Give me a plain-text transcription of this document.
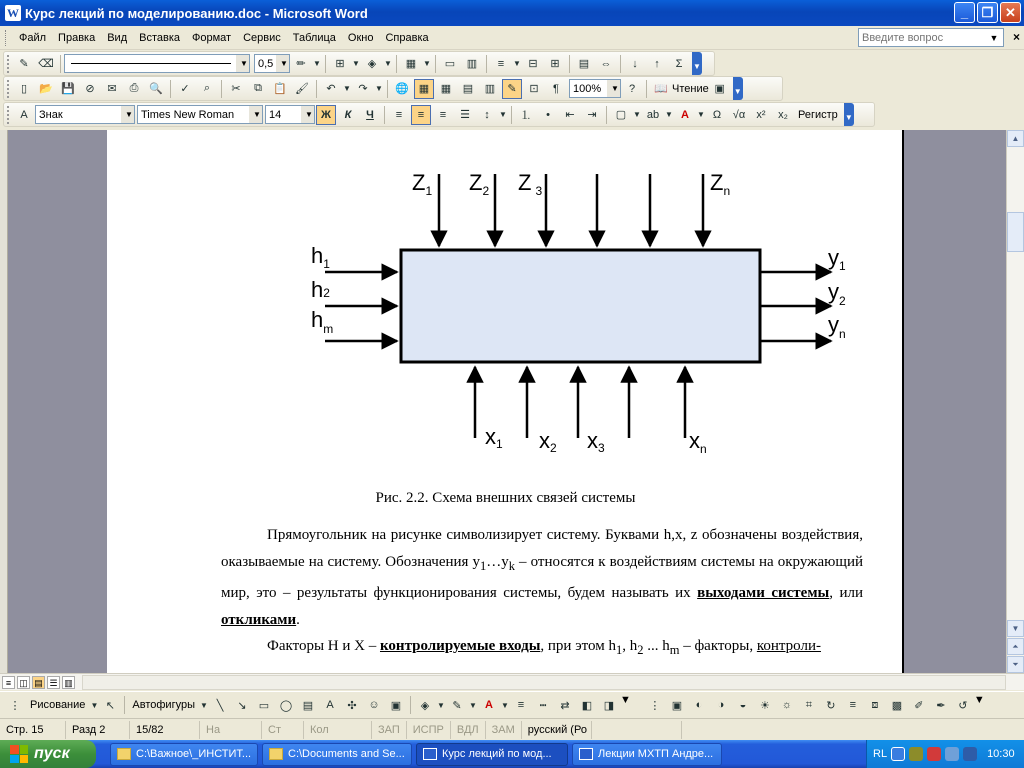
W Курс лекций по моделированию.doc - Microsoft Word	_	❐ ✕
Файл	Правка	Вид	Вставка	Формат	Сервис	Таблица	Окно	Справка
Введите вопрос	▼ ×
✎ ⌫	▼ 0,5 ▼ ✏ ▼	⊞ ▼ ◈ ▼	▦ ▼	▭	▥	≡	▼ ⊟	⊞	▤	⇔	↓	↑	Σ	▼
▯	📂 💾 ⊘	✉	⎙ 🔍	✓	⌕	✂	⧉	📋 🖌	↶ ▼ ↷ ▼ 🌐 ▦	▦	▤	▥	✎	⊡	¶	100%	▼ ?	📖 Чтение ▣	▼
A	Знак	▼ Times New Roman	▼ 14	▼ Ж	К	Ч	≡	≡	≡	☰	↕	▼	⒈	•	⇤	⇥	▢ ▼ ab ▼ A	▼ Ω	√α	x²	x₂ Регистр ▼
$Z_1$ $Z_2$ Z $_3$	$Z_n$
$h_1$
h2
$h_m$
$y_1$
$y_2$
$y_n$
x1 x2 x3	$x_n$
Рис. 2.2. Схема внешних связей системы
Прямоугольник на рисунке символизирует систему. Буквами h,x, z обозначены воздействия, оказываемые на систему. Обозначения $y_1\dots y_k$ – относятся к воздействиям системы на окружающий мир, это – результаты функционирования системы, будем называть их выходами системы, или откликами.
Факторы H и X – контролируемые входы, при этом $h_1$, $h_2$ ... $h_m$ – факторы, контроли-
▲
▼
⏶
⏷
≡ ◫ ▤ ☰ ▥
⋮ Рисование ▼ ↖	Автофигуры ▼ ╲	↘	▭ ◯ ▤	A	✣	☺	▣	◈ ▼ ✎ ▼ A	▼ ≡	┅	⇄	◧	◨ ▼	⋮	▣	◐	◑	◒	☀	☼	⌗	↻	≡	⧈	▩	✐	✒	↺ ▼
Стр. 15	Разд 2	15/82	На	Ст	Кол	ЗАП	ИСПР	ВДЛ	ЗАМ	русский (Ро
пуск	C:\Важное\_ИНСТИТ...	C:\Documents and Se...	Курс лекций по мод...	Лекции МХТП Андре...	RL	10:30
